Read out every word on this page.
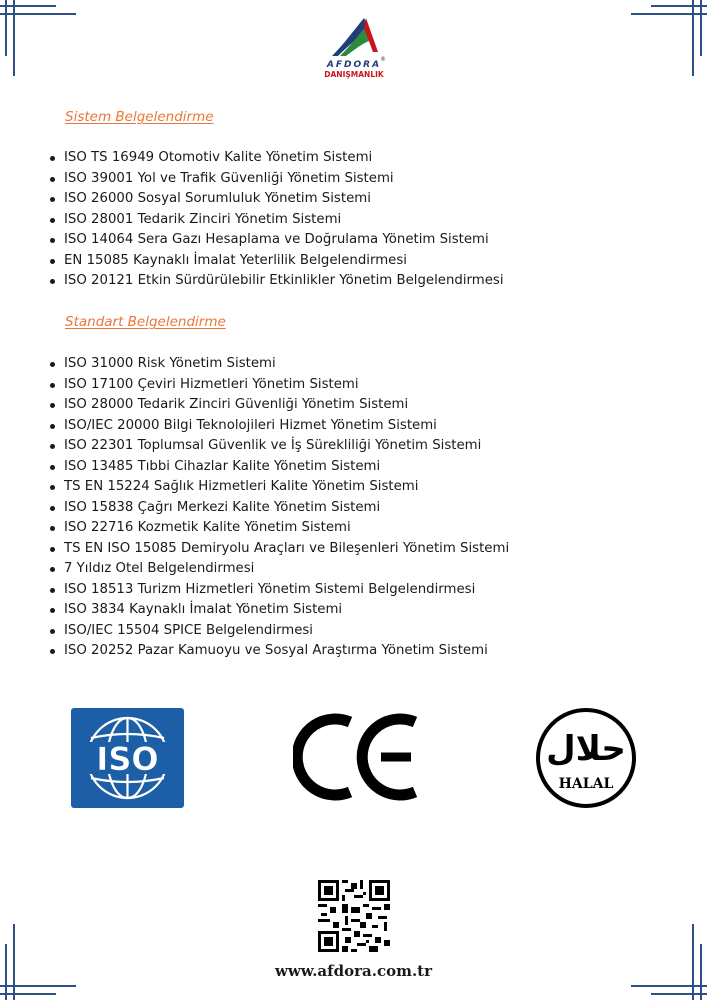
®
AFDORA
DANIŞMANLIK
Sistem Belgelendirme
ISO TS 16949 Otomotiv Kalite Yönetim Sistemi
ISO 39001 Yol ve Trafik Güvenliği Yönetim Sistemi
ISO 26000 Sosyal Sorumluluk Yönetim Sistemi
ISO 28001 Tedarik Zinciri Yönetim Sistemi
ISO 14064 Sera Gazı Hesaplama ve Doğrulama Yönetim Sistemi
EN 15085 Kaynaklı İmalat Yeterlilik Belgelendirmesi
ISO 20121 Etkin Sürdürülebilir Etkinlikler Yönetim Belgelendirmesi
Standart Belgelendirme
ISO 31000 Risk Yönetim Sistemi
ISO 17100 Çeviri Hizmetleri Yönetim Sistemi
ISO 28000 Tedarik Zinciri Güvenliği Yönetim Sistemi
ISO/IEC 20000 Bilgi Teknolojileri Hizmet Yönetim Sistemi
ISO 22301 Toplumsal Güvenlik ve İş Sürekliliği Yönetim Sistemi
ISO 13485 Tıbbi Cihazlar Kalite Yönetim Sistemi
TS EN 15224 Sağlık Hizmetleri Kalite Yönetim Sistemi
ISO 15838 Çağrı Merkezi Kalite Yönetim Sistemi
ISO 22716 Kozmetik Kalite Yönetim Sistemi
TS EN ISO 15085 Demiryolu Araçları ve Bileşenleri Yönetim Sistemi
7 Yıldız Otel Belgelendirmesi
ISO 18513 Turizm Hizmetleri Yönetim Sistemi Belgelendirmesi
ISO 3834 Kaynaklı İmalat Yönetim Sistemi
ISO/IEC 15504 SPICE Belgelendirmesi
ISO 20252 Pazar Kamuoyu ve Sosyal Araştırma Yönetim Sistemi
ISO
CE
حلال
HALAL
www.afdora.com.tr
